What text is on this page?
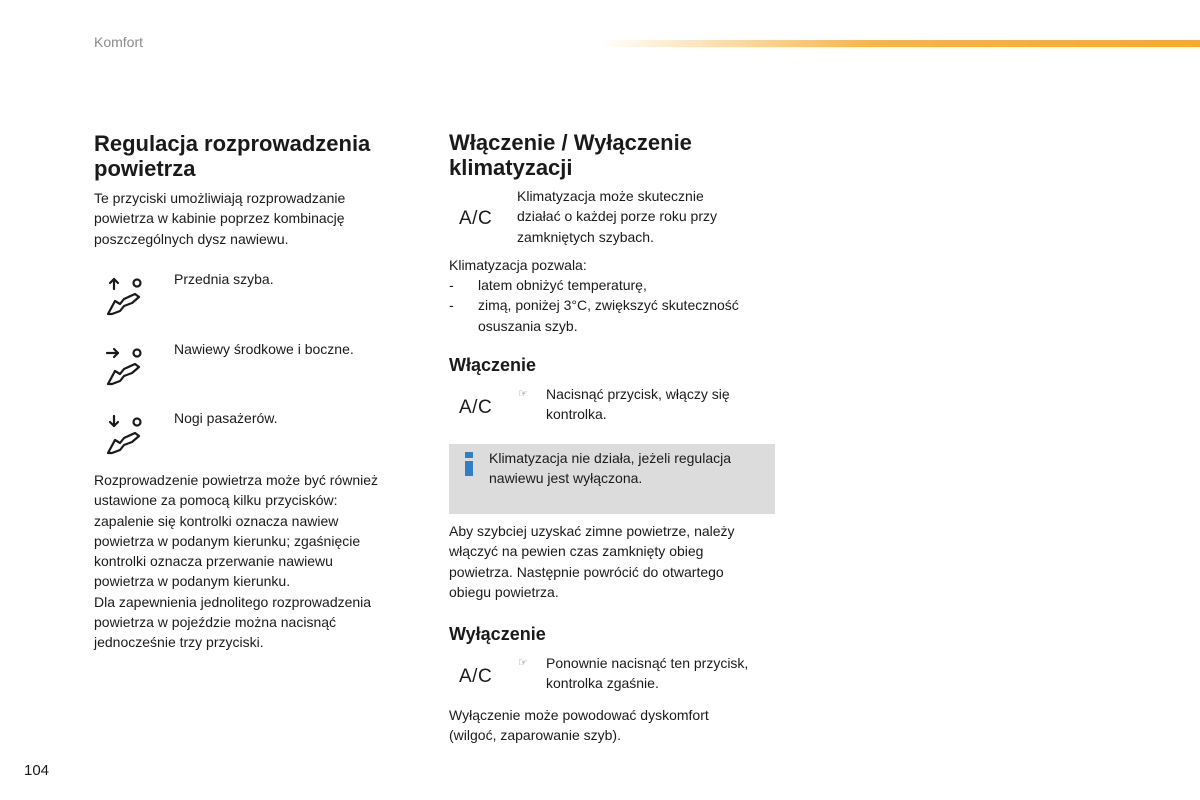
Komfort
Regulacja rozprowadzenia powietrza
Te przyciski umożliwiają rozprowadzanie
powietrza w kabinie poprzez kombinację
poszczególnych dysz nawiewu.
Przednia szyba.
Nawiewy środkowe i boczne.
Nogi pasażerów.
Rozprowadzenie powietrza może być również
ustawione za pomocą kilku przycisków:
zapalenie się kontrolki oznacza nawiew
powietrza w podanym kierunku; zgaśnięcie
kontrolki oznacza przerwanie nawiewu
powietrza w podanym kierunku.
Dla zapewnienia jednolitego rozprowadzenia
powietrza w pojeździe można nacisnąć
jednocześnie trzy przyciski.
Włączenie / Wyłączenie klimatyzacji
A/C
Klimatyzacja może skutecznie
działać o każdej porze roku przy
zamkniętych szybach.
Klimatyzacja pozwala:
- latem obniżyć temperaturę,
- zimą, poniżej 3°C, zwiększyć skuteczność
osuszania szyb.
Włączenie
A/C
☞ Nacisnąć przycisk, włączy się
kontrolka.
Klimatyzacja nie działa, jeżeli regulacja
nawiewu jest wyłączona.
Aby szybciej uzyskać zimne powietrze, należy
włączyć na pewien czas zamknięty obieg
powietrza. Następnie powrócić do otwartego
obiegu powietrza.
Wyłączenie
A/C
☞ Ponownie nacisnąć ten przycisk,
kontrolka zgaśnie.
Wyłączenie może powodować dyskomfort
(wilgoć, zaparowanie szyb).
104
